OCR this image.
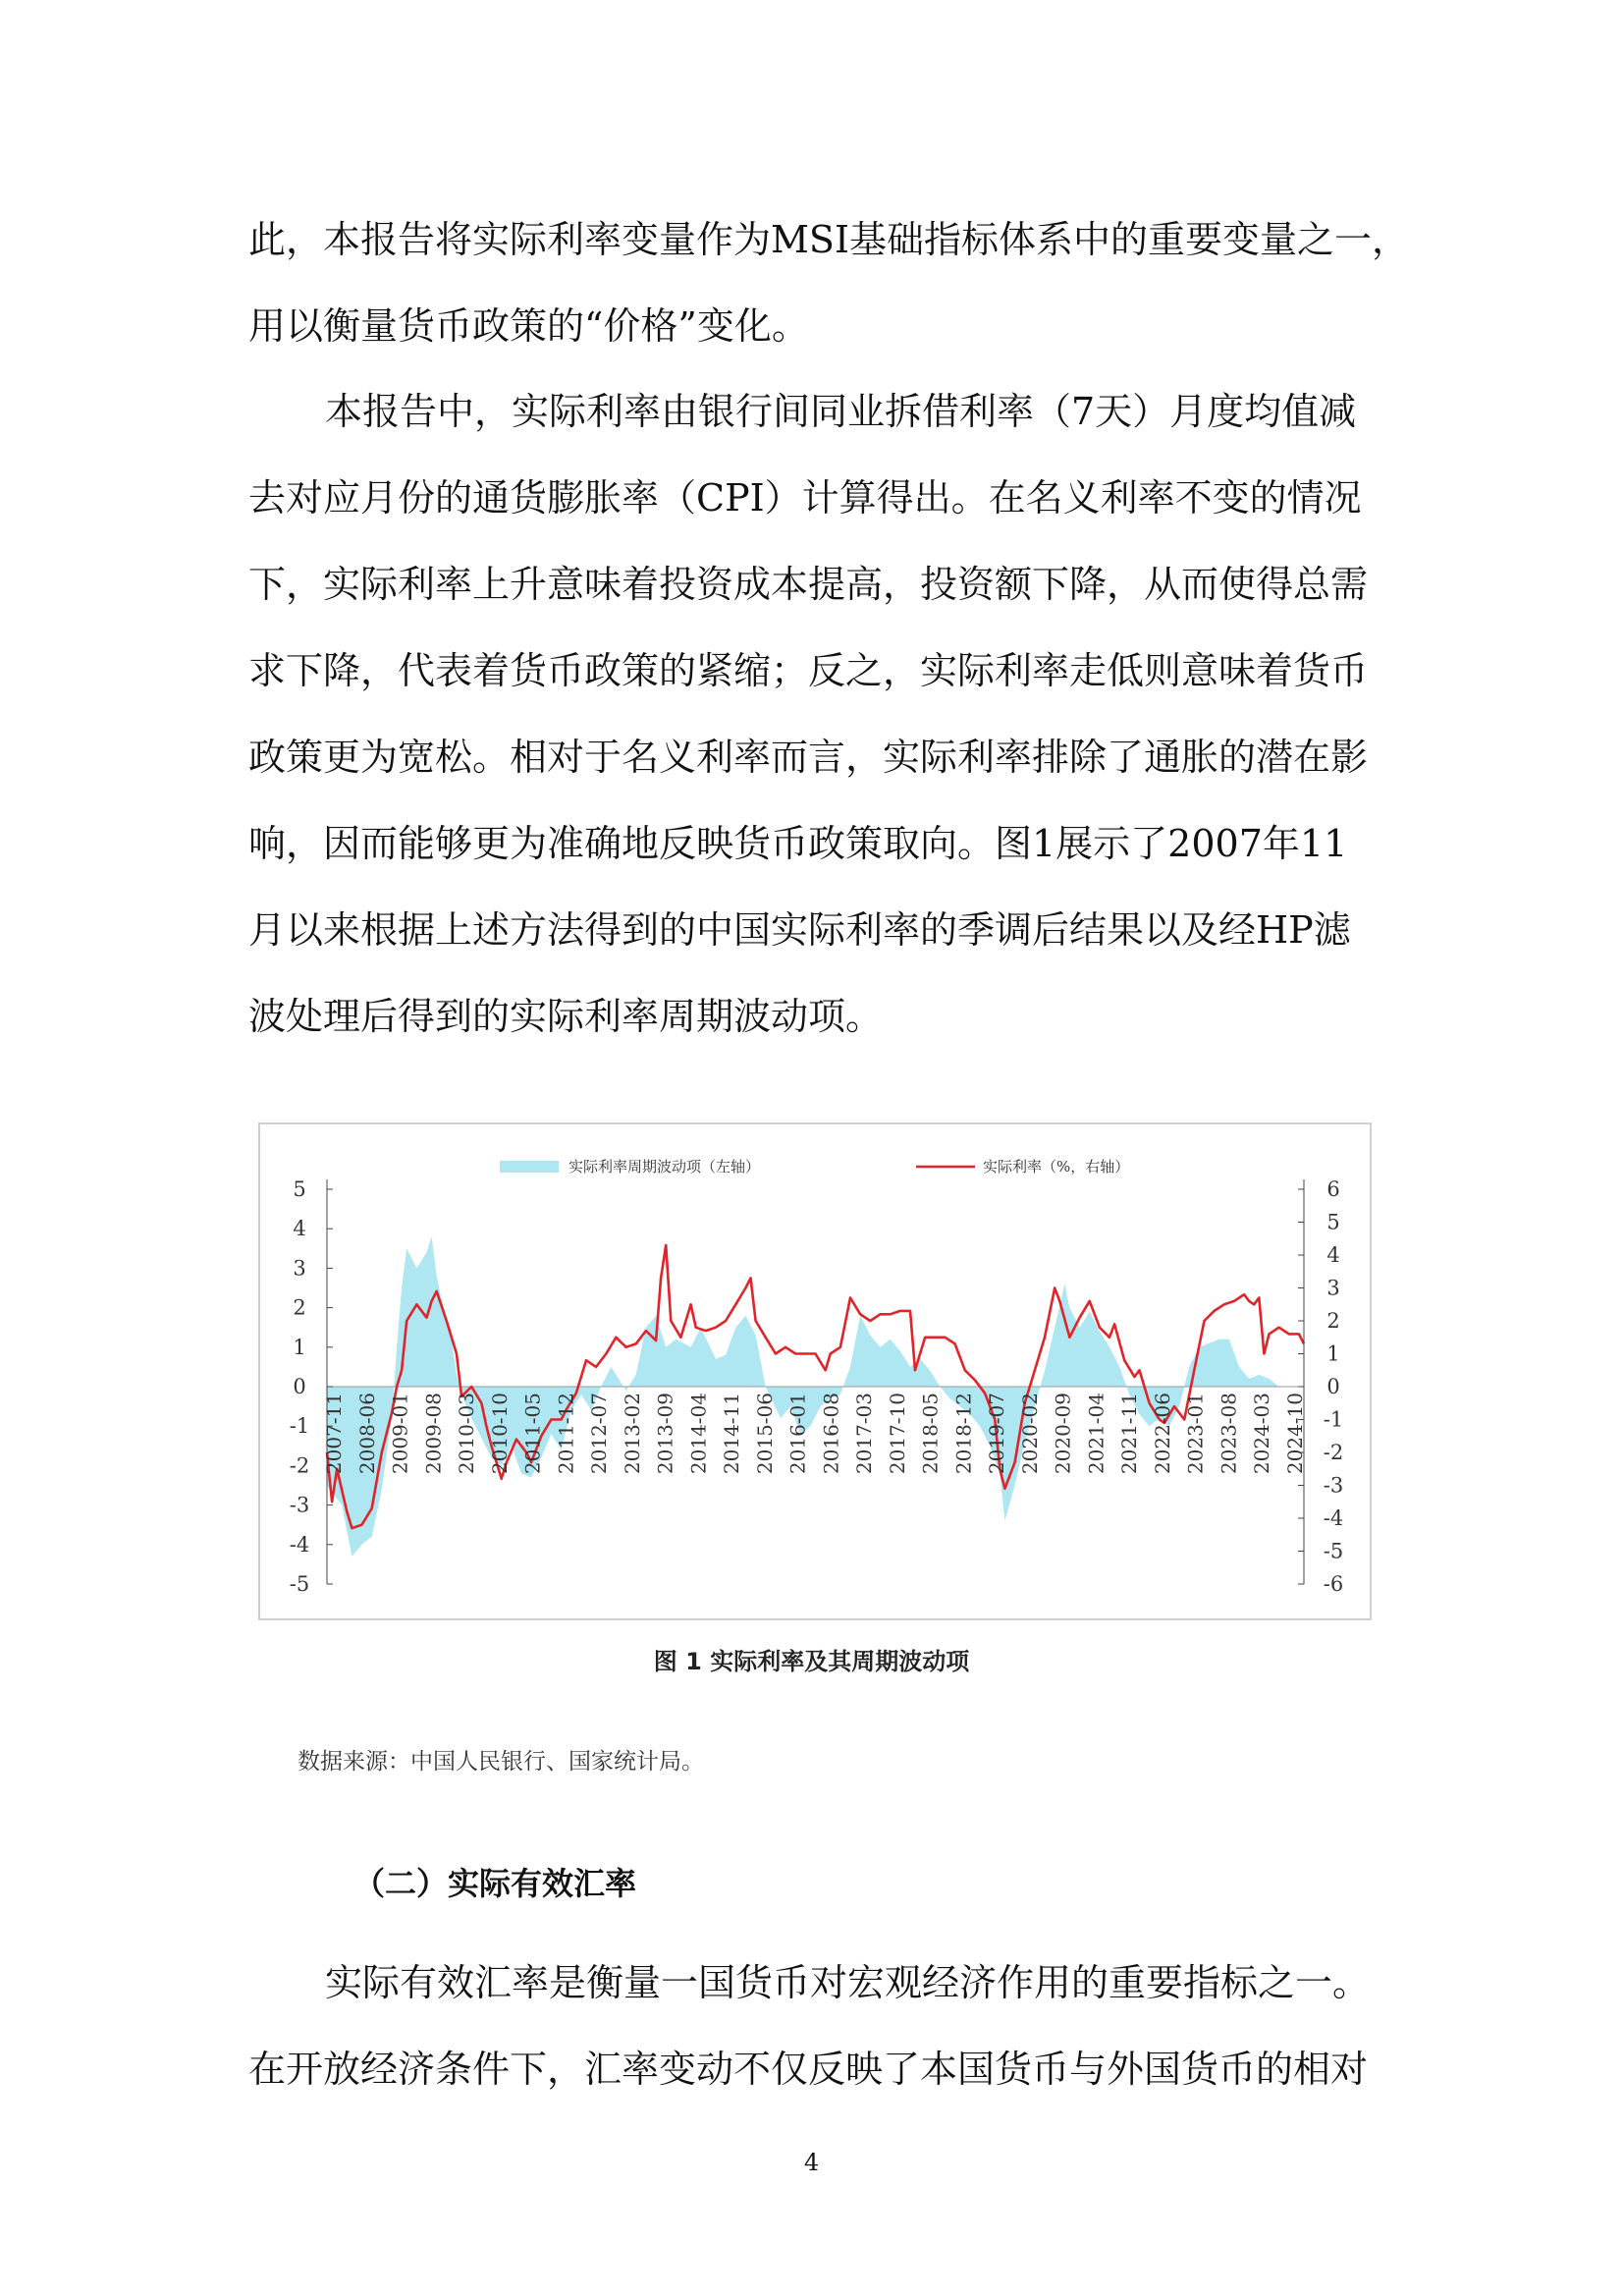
此，本报告将实际利率变量作为MSI基础指标体系中的重要变量之一，
用以衡量货币政策的“价格”变化。
本报告中，实际利率由银行间同业拆借利率（7天）月度均值减
去对应月份的通货膨胀率（CPI）计算得出。在名义利率不变的情况
下，实际利率上升意味着投资成本提高，投资额下降，从而使得总需
求下降，代表着货币政策的紧缩；反之，实际利率走低则意味着货币
政策更为宽松。相对于名义利率而言，实际利率排除了通胀的潜在影
响，因而能够更为准确地反映货币政策取向。图1展示了2007年11
月以来根据上述方法得到的中国实际利率的季调后结果以及经HP滤
波处理后得到的实际利率周期波动项。
5
4
3
2
1
0
-1
-2
-3
-4
-5
6
5
4
3
2
1
0
-1
-2
-3
-4
-5
-6
2007-11 2008-06 2009-01 2009-08 2010-03 2010-10 2011-05 2011-12 2012-07 2013-02 2013-09 2014-04 2014-11 2015-06 2016-01 2016-08 2017-03 2017-10 2018-05 2018-12 2019-07 2020-02 2020-09 2021-04 2021-11 2022-06 2023-01 2023-08 2024-03 2024-10
实际利率周期波动项（左轴）	实际利率（%，右轴）
图 1 实际利率及其周期波动项
数据来源：中国人民银行、国家统计局。
（二）实际有效汇率
实际有效汇率是衡量一国货币对宏观经济作用的重要指标之一。
在开放经济条件下，汇率变动不仅反映了本国货币与外国货币的相对
4
